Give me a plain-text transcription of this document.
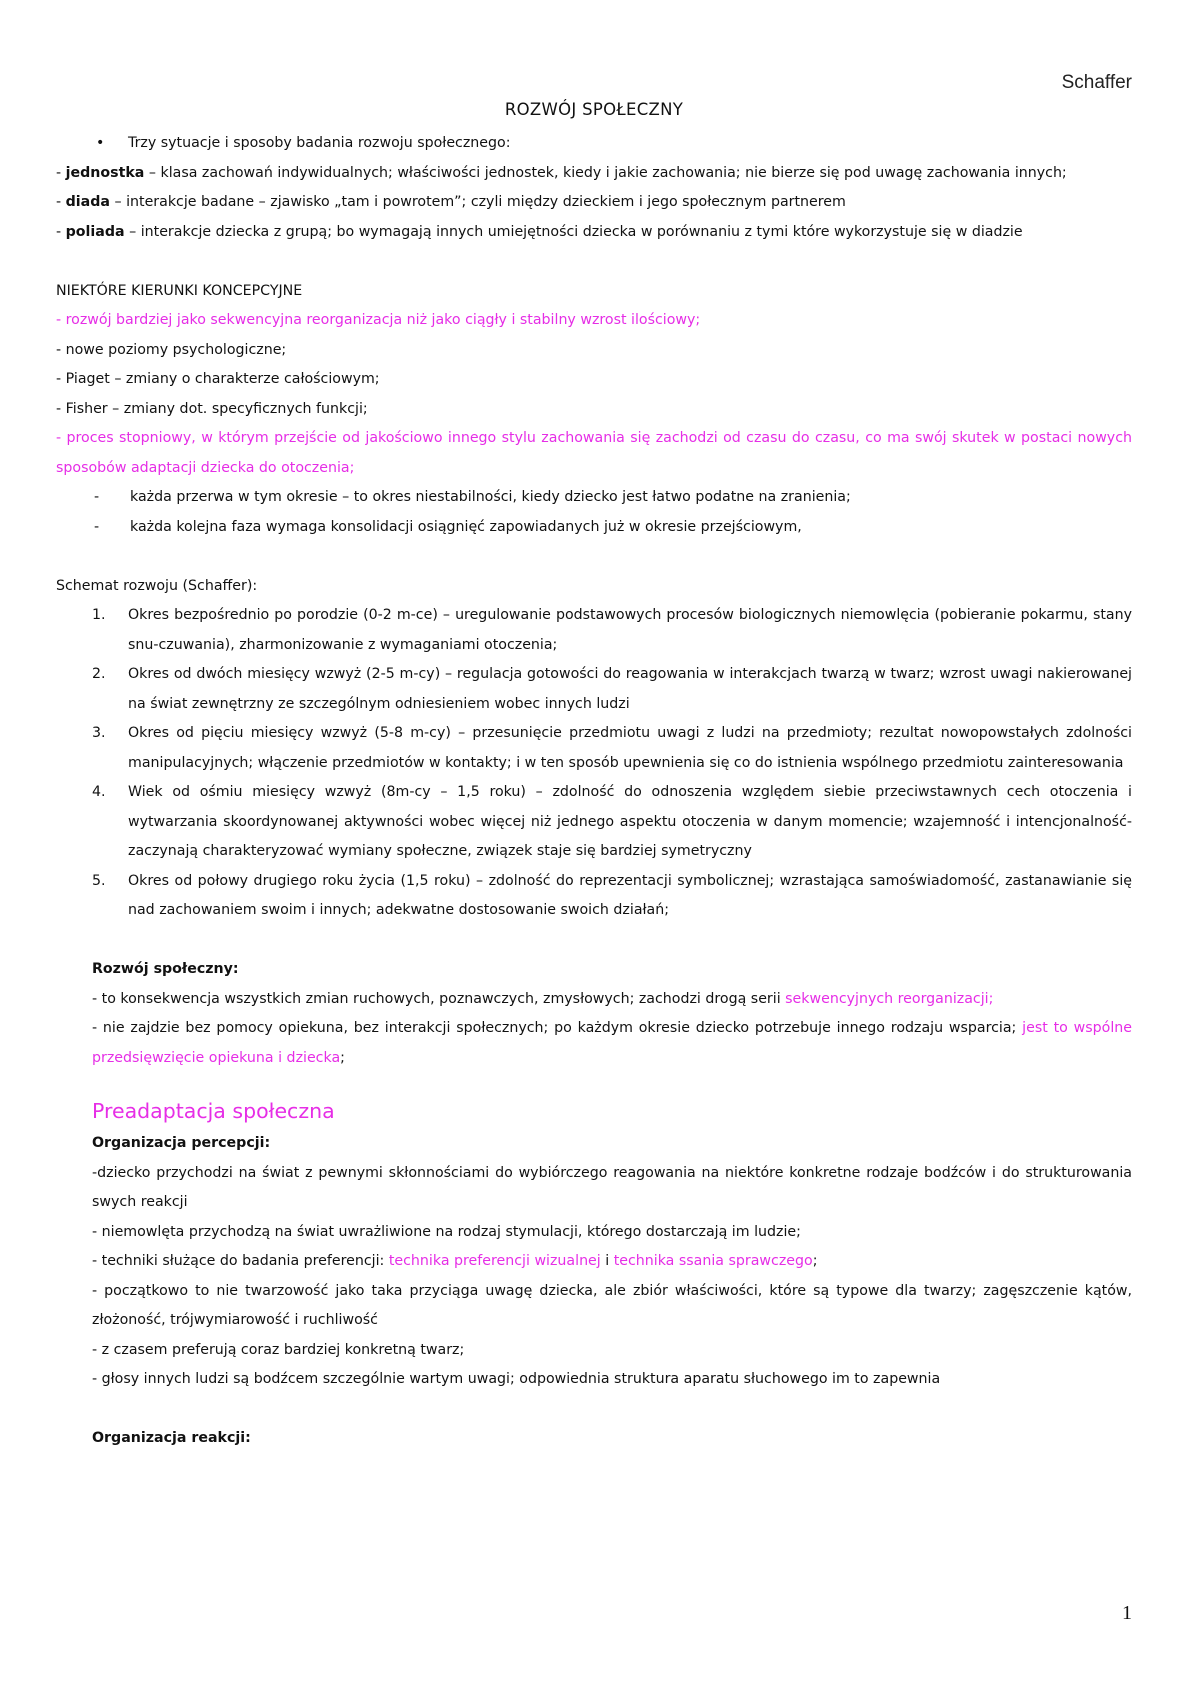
Schaffer
ROZWÓJ SPOŁECZNY
• Trzy sytuacje i sposoby badania rozwoju społecznego:

- jednostka – klasa zachowań indywidualnych; właściwości jednostek, kiedy i jakie zachowania; nie bierze się pod uwagę zachowania innych;

- diada – interakcje badane – zjawisko „tam i powrotem”; czyli między dzieckiem i jego społecznym partnerem

- poliada – interakcje dziecka z grupą; bo wymagają innych umiejętności dziecka w porównaniu z tymi które wykorzystuje się w diadzie

NIEKTÓRE KIERUNKI KONCEPCYJNE

- rozwój bardziej jako sekwencyjna reorganizacja niż jako ciągły i stabilny wzrost ilościowy;

- nowe poziomy psychologiczne;

- Piaget – zmiany o charakterze całościowym;

- Fisher – zmiany dot. specyficznych funkcji;

- proces stopniowy, w którym przejście od jakościowo innego stylu zachowania się zachodzi od czasu do czasu, co ma swój skutek w postaci nowych sposobów adaptacji dziecka do otoczenia;

- każda przerwa w tym okresie – to okres niestabilności, kiedy dziecko jest łatwo podatne na zranienia;
- każda kolejna faza wymaga konsolidacji osiągnięć zapowiadanych już w okresie przejściowym,

Schemat rozwoju (Schaffer):

1. Okres bezpośrednio po porodzie (0-2 m-ce) – uregulowanie podstawowych procesów biologicznych niemowlęcia (pobieranie pokarmu, stany snu-czuwania), zharmonizowanie z wymaganiami otoczenia;
2. Okres od dwóch miesięcy wzwyż (2-5 m-cy) – regulacja gotowości do reagowania w interakcjach twarzą w twarz; wzrost uwagi nakierowanej na świat zewnętrzny ze szczególnym odniesieniem wobec innych ludzi
3. Okres od pięciu miesięcy wzwyż (5-8 m-cy) – przesunięcie przedmiotu uwagi z ludzi na przedmioty; rezultat nowopowstałych zdolności manipulacyjnych; włączenie przedmiotów w kontakty; i w ten sposób upewnienia się co do istnienia wspólnego przedmiotu zainteresowania
4. Wiek od ośmiu miesięcy wzwyż (8m-cy – 1,5 roku) – zdolność do odnoszenia względem siebie przeciwstawnych cech otoczenia i wytwarzania skoordynowanej aktywności wobec więcej niż jednego aspektu otoczenia w danym momencie; wzajemność i intencjonalność- zaczynają charakteryzować wymiany społeczne, związek staje się bardziej symetryczny
5. Okres od połowy drugiego roku życia (1,5 roku) – zdolność do reprezentacji symbolicznej; wzrastająca samoświadomość, zastanawianie się nad zachowaniem swoim i innych; adekwatne dostosowanie swoich działań;

Rozwój społeczny:

- to konsekwencja wszystkich zmian ruchowych, poznawczych, zmysłowych; zachodzi drogą serii sekwencyjnych reorganizacji;

- nie zajdzie bez pomocy opiekuna, bez interakcji społecznych; po każdym okresie dziecko potrzebuje innego rodzaju wsparcia; jest to wspólne przedsięwzięcie opiekuna i dziecka;

Preadaptacja społeczna

Organizacja percepcji:

-dziecko przychodzi na świat z pewnymi skłonnościami do wybiórczego reagowania na niektóre konkretne rodzaje bodźców i do strukturowania swych reakcji

- niemowlęta przychodzą na świat uwrażliwione na rodzaj stymulacji, którego dostarczają im ludzie;

- techniki służące do badania preferencji: technika preferencji wizualnej i technika ssania sprawczego;

- początkowo to nie twarzowość jako taka przyciąga uwagę dziecka, ale zbiór właściwości, które są typowe dla twarzy; zagęszczenie kątów, złożoność, trójwymiarowość i ruchliwość

- z czasem preferują coraz bardziej konkretną twarz;

- głosy innych ludzi są bodźcem szczególnie wartym uwagi; odpowiednia struktura aparatu słuchowego im to zapewnia

Organizacja reakcji:

1
